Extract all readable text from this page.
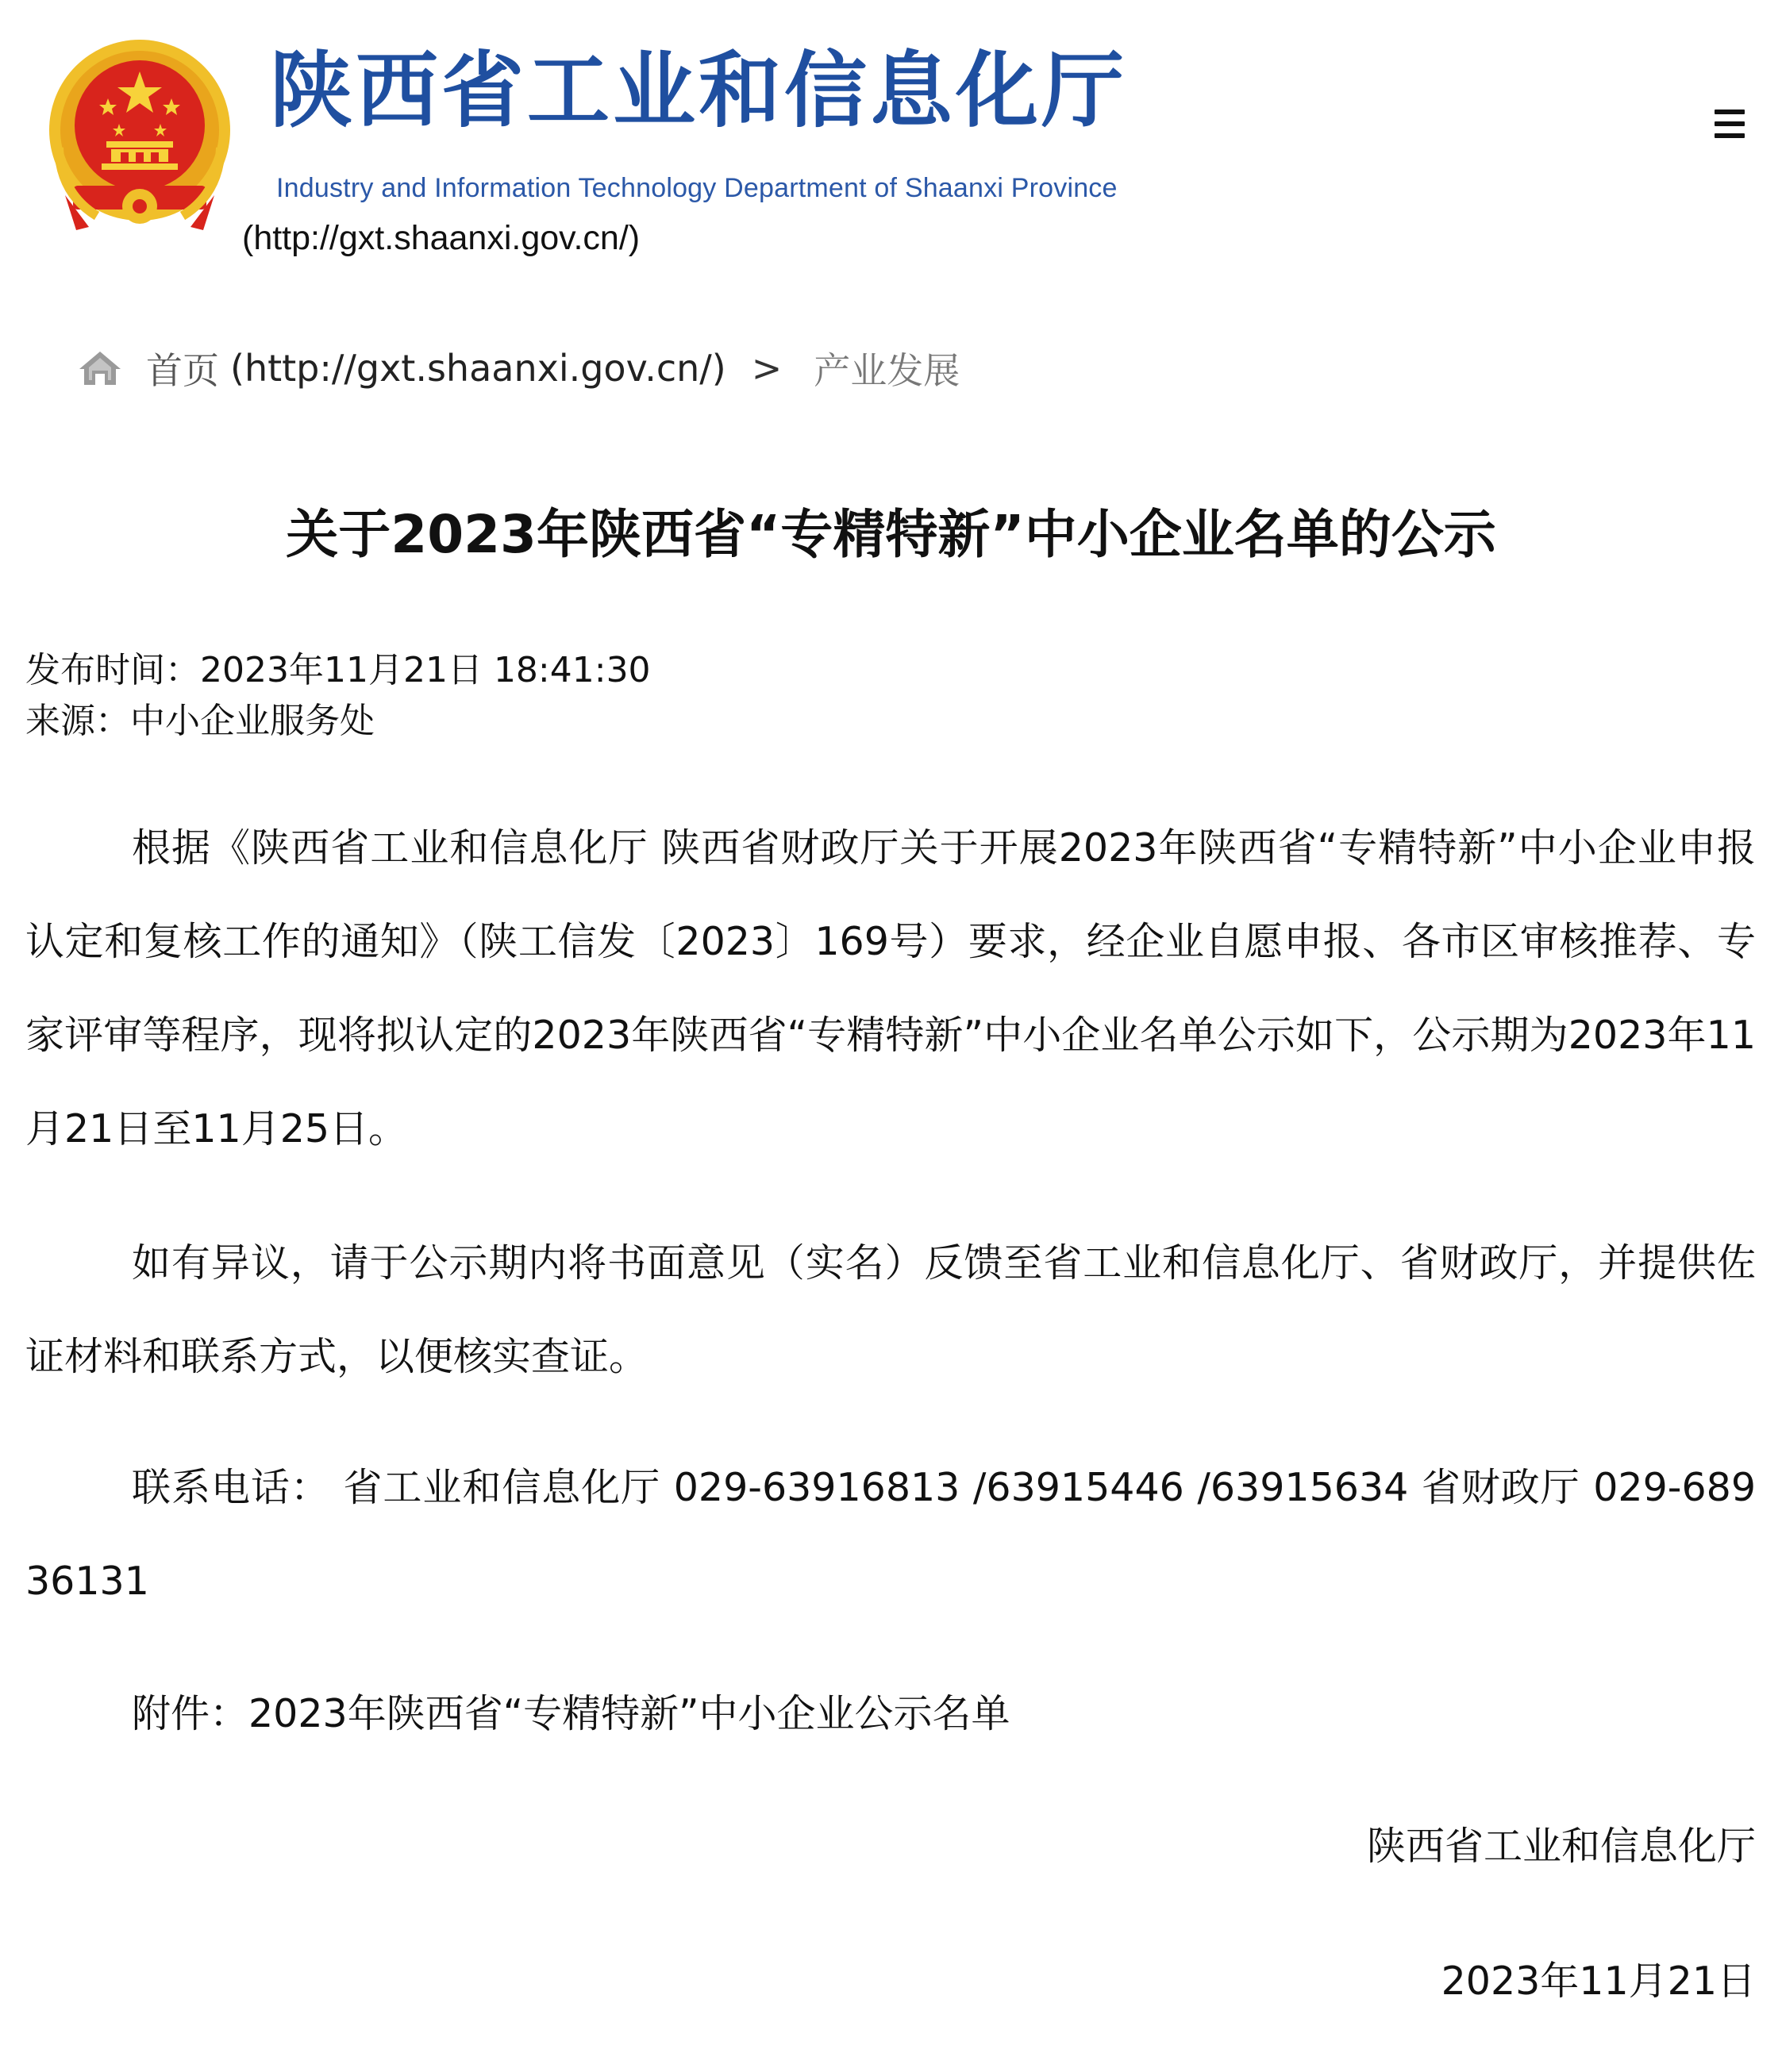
陕西省工业和信息化厅
Industry and Information Technology Department of Shaanxi Province
(http://gxt.shaanxi.gov.cn/)
首页 (http://gxt.shaanxi.gov.cn/) > 产业发展
关于2023年陕西省“专精特新”中小企业名单的公示
发布时间：2023年11月21日 18:41:30
来源：中小企业服务处

根据《陕西省工业和信息化厅 陕西省财政厅关于开展2023年陕西省“专精特新”中小企业申报认定和复核工作的通知》（陕工信发〔2023〕169号）要求，经企业自愿申报、各市区审核推荐、专家评审等程序，现将拟认定的2023年陕西省“专精特新”中小企业名单公示如下，公示期为2023年11月21日至11月25日。

如有异议，请于公示期内将书面意见（实名）反馈至省工业和信息化厅、省财政厅，并提供佐证材料和联系方式，以便核实查证。

联系电话： 省工业和信息化厅 029-63916813 /63915446 /63915634 省财政厅 029-68936131

附件：2023年陕西省“专精特新”中小企业公示名单

陕西省工业和信息化厅
2023年11月21日
